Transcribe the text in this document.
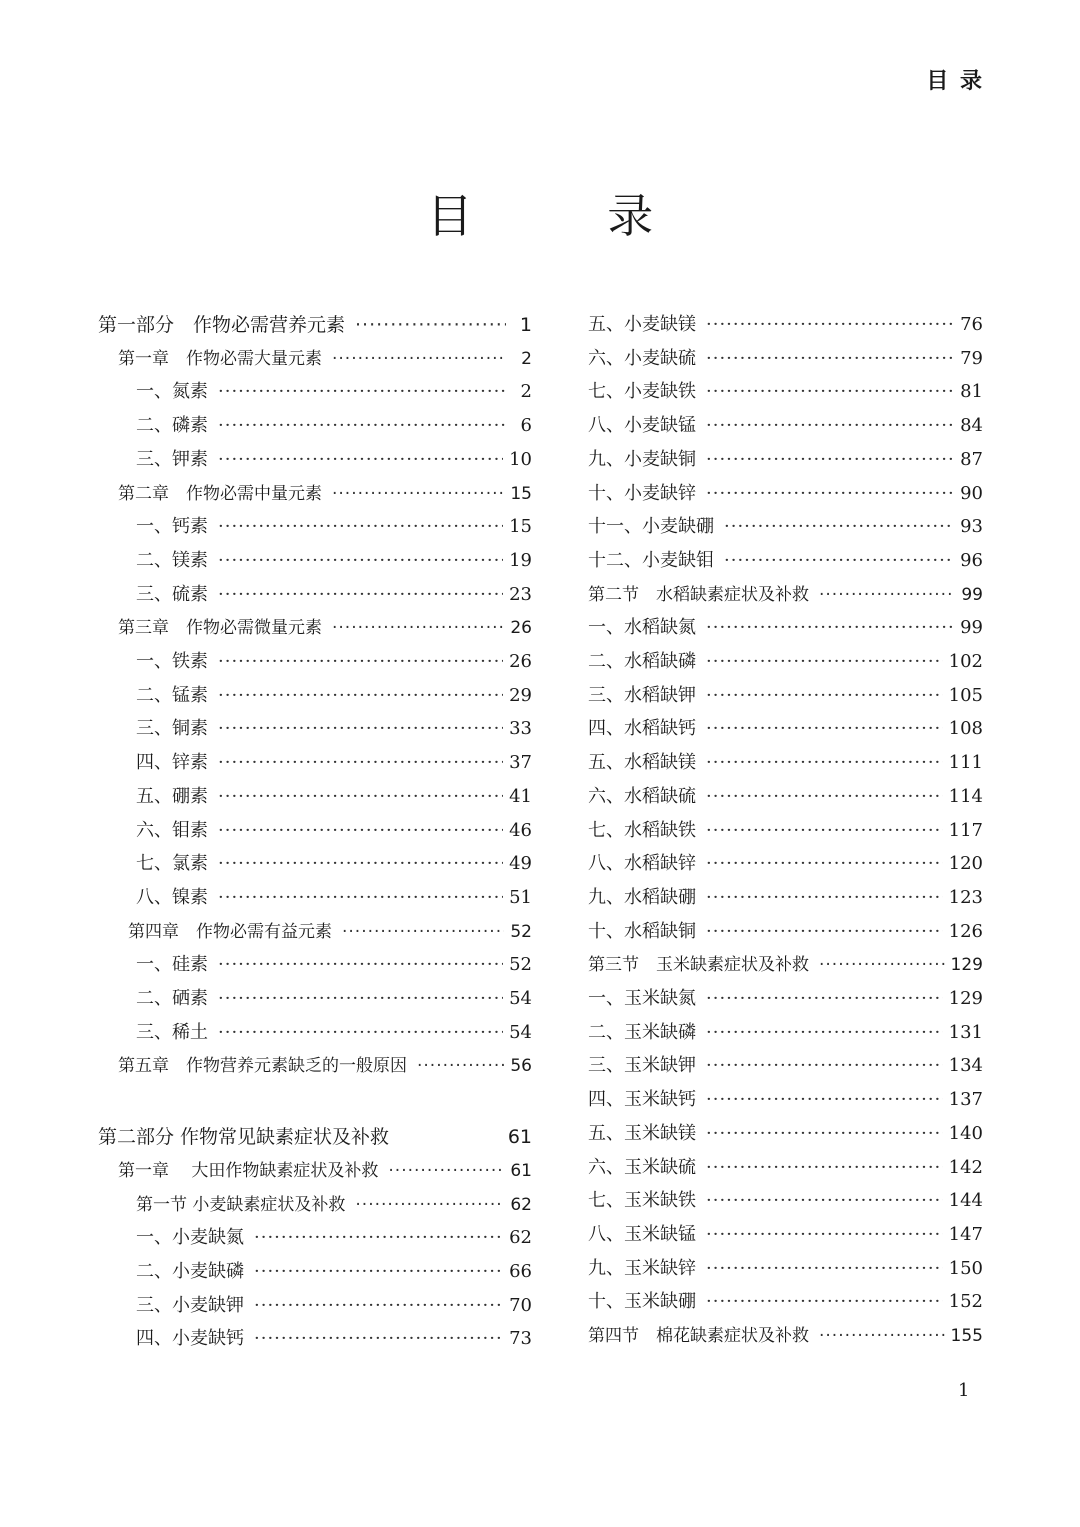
目 录
目 录
第一部分　作物必需营养元素 ·····	1
第一章　作物必需大量元素 ·····	2
一、氮素 ·····	2
二、磷素 ·····	6
三、钾素 ·····	10
第二章　作物必需中量元素 ·····	15
一、钙素 ·····	15
二、镁素 ·····	19
三、硫素 ·····	23
第三章　作物必需微量元素 ·····	26
一、铁素 ·····	26
二、锰素 ·····	29
三、铜素 ·····	33
四、锌素 ·····	37
五、硼素 ·····	41
六、钼素 ·····	46
七、氯素 ·····	49
八、镍素 ·····	51
第四章　作物必需有益元素 ·····	52
一、硅素 ·····	52
二、硒素 ·····	54
三、稀土 ·····	54
第五章　作物营养元素缺乏的一般原因 ·····	56
第二部分 作物常见缺素症状及补救	61
第一章　 大田作物缺素症状及补救 ·····	61
第一节 小麦缺素症状及补救 ·····	62
一、小麦缺氮 ·····	62
二、小麦缺磷 ·····	66
三、小麦缺钾 ·····	70
四、小麦缺钙 ·····	73
五、小麦缺镁 ·····	76
六、小麦缺硫 ·····	79
七、小麦缺铁 ·····	81
八、小麦缺锰 ·····	84
九、小麦缺铜 ·····	87
十、小麦缺锌 ·····	90
十一、小麦缺硼 ·····	93
十二、小麦缺钼 ·····	96
第二节　水稻缺素症状及补救 ·····	99
一、水稻缺氮 ·····	99
二、水稻缺磷 ·····	102
三、水稻缺钾 ·····	105
四、水稻缺钙 ·····	108
五、水稻缺镁 ·····	111
六、水稻缺硫 ·····	114
七、水稻缺铁 ·····	117
八、水稻缺锌 ·····	120
九、水稻缺硼 ·····	123
十、水稻缺铜 ·····	126
第三节　玉米缺素症状及补救 ·····	129
一、玉米缺氮 ·····	129
二、玉米缺磷 ·····	131
三、玉米缺钾 ·····	134
四、玉米缺钙 ·····	137
五、玉米缺镁 ·····	140
六、玉米缺硫 ·····	142
七、玉米缺铁 ·····	144
八、玉米缺锰 ·····	147
九、玉米缺锌 ·····	150
十、玉米缺硼 ·····	152
第四节　棉花缺素症状及补救 ·····	155
1
